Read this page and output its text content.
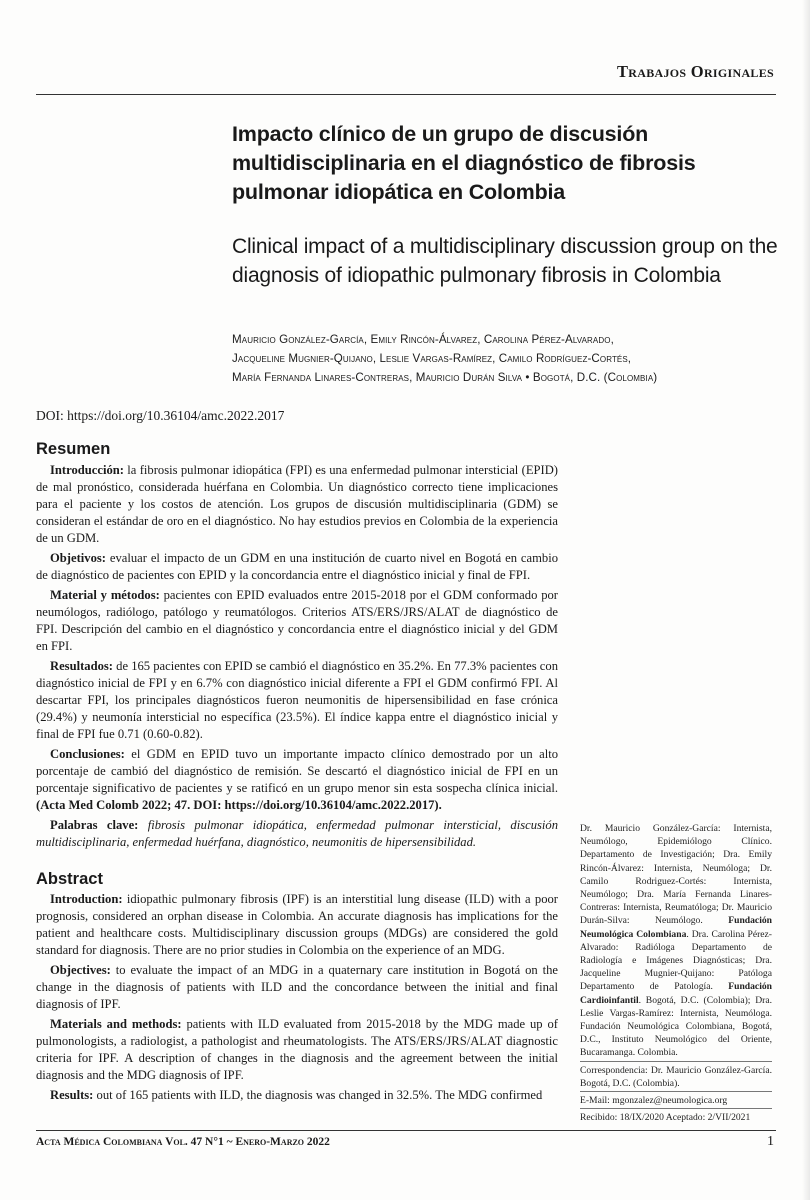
Trabajos Originales
Impacto clínico de un grupo de discusión multidisciplinaria en el diagnóstico de fibrosis pulmonar idiopática en Colombia
Clinical impact of a multidisciplinary discussion group on the diagnosis of idiopathic pulmonary fibrosis in Colombia
Mauricio González-García, Emily Rincón-Álvarez, Carolina Pérez-Alvarado,
Jacqueline Mugnier-Quijano, Leslie Vargas-Ramírez, Camilo Rodríguez-Cortés,
María Fernanda Linares-Contreras, Mauricio Durán Silva • Bogotá, D.C. (Colombia)
DOI: https://doi.org/10.36104/amc.2022.2017
Resumen

Introducción: la fibrosis pulmonar idiopática (FPI) es una enfermedad pulmonar intersticial (EPID) de mal pronóstico, considerada huérfana en Colombia. Un diagnóstico correcto tiene implicaciones para el paciente y los costos de atención. Los grupos de discusión multidisciplinaria (GDM) se consideran el estándar de oro en el diagnóstico. No hay estudios previos en Colombia de la experiencia de un GDM.

Objetivos: evaluar el impacto de un GDM en una institución de cuarto nivel en Bogotá en cambio de diagnóstico de pacientes con EPID y la concordancia entre el diagnóstico inicial y final de FPI.

Material y métodos: pacientes con EPID evaluados entre 2015-2018 por el GDM conformado por neumólogos, radiólogo, patólogo y reumatólogos. Criterios ATS/ERS/JRS/ALAT de diagnóstico de FPI. Descripción del cambio en el diagnóstico y concordancia entre el diagnóstico inicial y del GDM en FPI.

Resultados: de 165 pacientes con EPID se cambió el diagnóstico en 35.2%. En 77.3% pacientes con diagnóstico inicial de FPI y en 6.7% con diagnóstico inicial diferente a FPI el GDM confirmó FPI. Al descartar FPI, los principales diagnósticos fueron neumonitis de hipersensibilidad en fase crónica (29.4%) y neumonía intersticial no específica (23.5%). El índice kappa entre el diagnóstico inicial y final de FPI fue 0.71 (0.60-0.82).

Conclusiones: el GDM en EPID tuvo un importante impacto clínico demostrado por un alto porcentaje de cambió del diagnóstico de remisión. Se descartó el diagnóstico inicial de FPI en un porcentaje significativo de pacientes y se ratificó en un grupo menor sin esta sospecha clínica inicial. (Acta Med Colomb 2022; 47. DOI: https://doi.org/10.36104/amc.2022.2017).

Palabras clave: fibrosis pulmonar idiopática, enfermedad pulmonar intersticial, discusión multidisciplinaria, enfermedad huérfana, diagnóstico, neumonitis de hipersensibilidad.

Abstract

Introduction: idiopathic pulmonary fibrosis (IPF) is an interstitial lung disease (ILD) with a poor prognosis, considered an orphan disease in Colombia. An accurate diagnosis has implications for the patient and healthcare costs. Multidisciplinary discussion groups (MDGs) are considered the gold standard for diagnosis. There are no prior studies in Colombia on the experience of an MDG.

Objectives: to evaluate the impact of an MDG in a quaternary care institution in Bogotá on the change in the diagnosis of patients with ILD and the concordance between the initial and final diagnosis of IPF.

Materials and methods: patients with ILD evaluated from 2015-2018 by the MDG made up of pulmonologists, a radiologist, a pathologist and rheumatologists. The ATS/ERS/JRS/ALAT diagnostic criteria for IPF. A description of changes in the diagnosis and the agreement between the initial diagnosis and the MDG diagnosis of IPF.

Results: out of 165 patients with ILD, the diagnosis was changed in 32.5%. The MDG confirmed

Dr. Mauricio González-García: Internista, Neumólogo, Epidemiólogo Clínico. Departamento de Investigación; Dra. Emily Rincón-Álvarez: Internista, Neumóloga; Dr. Camilo Rodriguez-Cortés: Internista, Neumólogo; Dra. María Fernanda Linares-Contreras: Internista, Reumatóloga; Dr. Mauricio Durán-Silva: Neumólogo. Fundación Neumológica Colombiana. Dra. Carolina Pérez-Alvarado: Radióloga Departamento de Radiología e Imágenes Diagnósticas; Dra. Jacqueline Mugnier-Quijano: Patóloga Departamento de Patología. Fundación Cardioinfantil. Bogotá, D.C. (Colombia); Dra. Leslie Vargas-Ramírez: Internista, Neumóloga. Fundación Neumológica Colombiana, Bogotá, D.C., Instituto Neumológico del Oriente, Bucaramanga. Colombia.

Correspondencia: Dr. Mauricio González-García. Bogotá, D.C. (Colombia).

E-Mail: mgonzalez@neumologica.org

Recibido: 18/IX/2020 Aceptado: 2/VII/2021

Acta Médica Colombiana Vol. 47 N°1 ~ Enero-Marzo 2022	1
